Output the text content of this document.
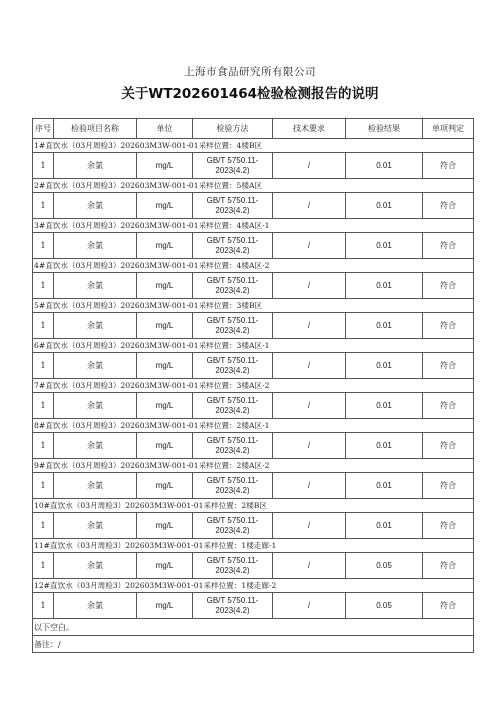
上海市食品研究所有限公司
关于WT202601464检验检测报告的说明
序号	检验项目名称	单位	检验方法	技术要求	检验结果	单项判定
1#直饮水（03月周检3）202603M3W-001-01采样位置：4楼B区						
1	余氯	mg/L	GB/T 5750.11-2023(4.2)	/	0.01	符合
2#直饮水（03月周检3）202603M3W-001-01采样位置：5楼A区						
1	余氯	mg/L	GB/T 5750.11-2023(4.2)	/	0.01	符合
3#直饮水（03月周检3）202603M3W-001-01采样位置：4楼A区-1						
1	余氯	mg/L	GB/T 5750.11-2023(4.2)	/	0.01	符合
4#直饮水（03月周检3）202603M3W-001-01采样位置：4楼A区-2						
1	余氯	mg/L	GB/T 5750.11-2023(4.2)	/	0.01	符合
5#直饮水（03月周检3）202603M3W-001-01采样位置：3楼B区						
1	余氯	mg/L	GB/T 5750.11-2023(4.2)	/	0.01	符合
6#直饮水（03月周检3）202603M3W-001-01采样位置：3楼A区-1						
1	余氯	mg/L	GB/T 5750.11-2023(4.2)	/	0.01	符合
7#直饮水（03月周检3）202603M3W-001-01采样位置：3楼A区-2						
1	余氯	mg/L	GB/T 5750.11-2023(4.2)	/	0.01	符合
8#直饮水（03月周检3）202603M3W-001-01采样位置：2楼A区-1						
1	余氯	mg/L	GB/T 5750.11-2023(4.2)	/	0.01	符合
9#直饮水（03月周检3）202603M3W-001-01采样位置：2楼A区-2						
1	余氯	mg/L	GB/T 5750.11-2023(4.2)	/	0.01	符合
10#直饮水（03月周检3）202603M3W-001-01采样位置：2楼B区						
1	余氯	mg/L	GB/T 5750.11-2023(4.2)	/	0.01	符合
11#直饮水（03月周检3）202603M3W-001-01采样位置：1楼走廊-1						
1	余氯	mg/L	GB/T 5750.11-2023(4.2)	/	0.05	符合
12#直饮水（03月周检3）202603M3W-001-01采样位置：1楼走廊-2						
1	余氯	mg/L	GB/T 5750.11-2023(4.2)	/	0.05	符合
以下空白。						
备注：/						
